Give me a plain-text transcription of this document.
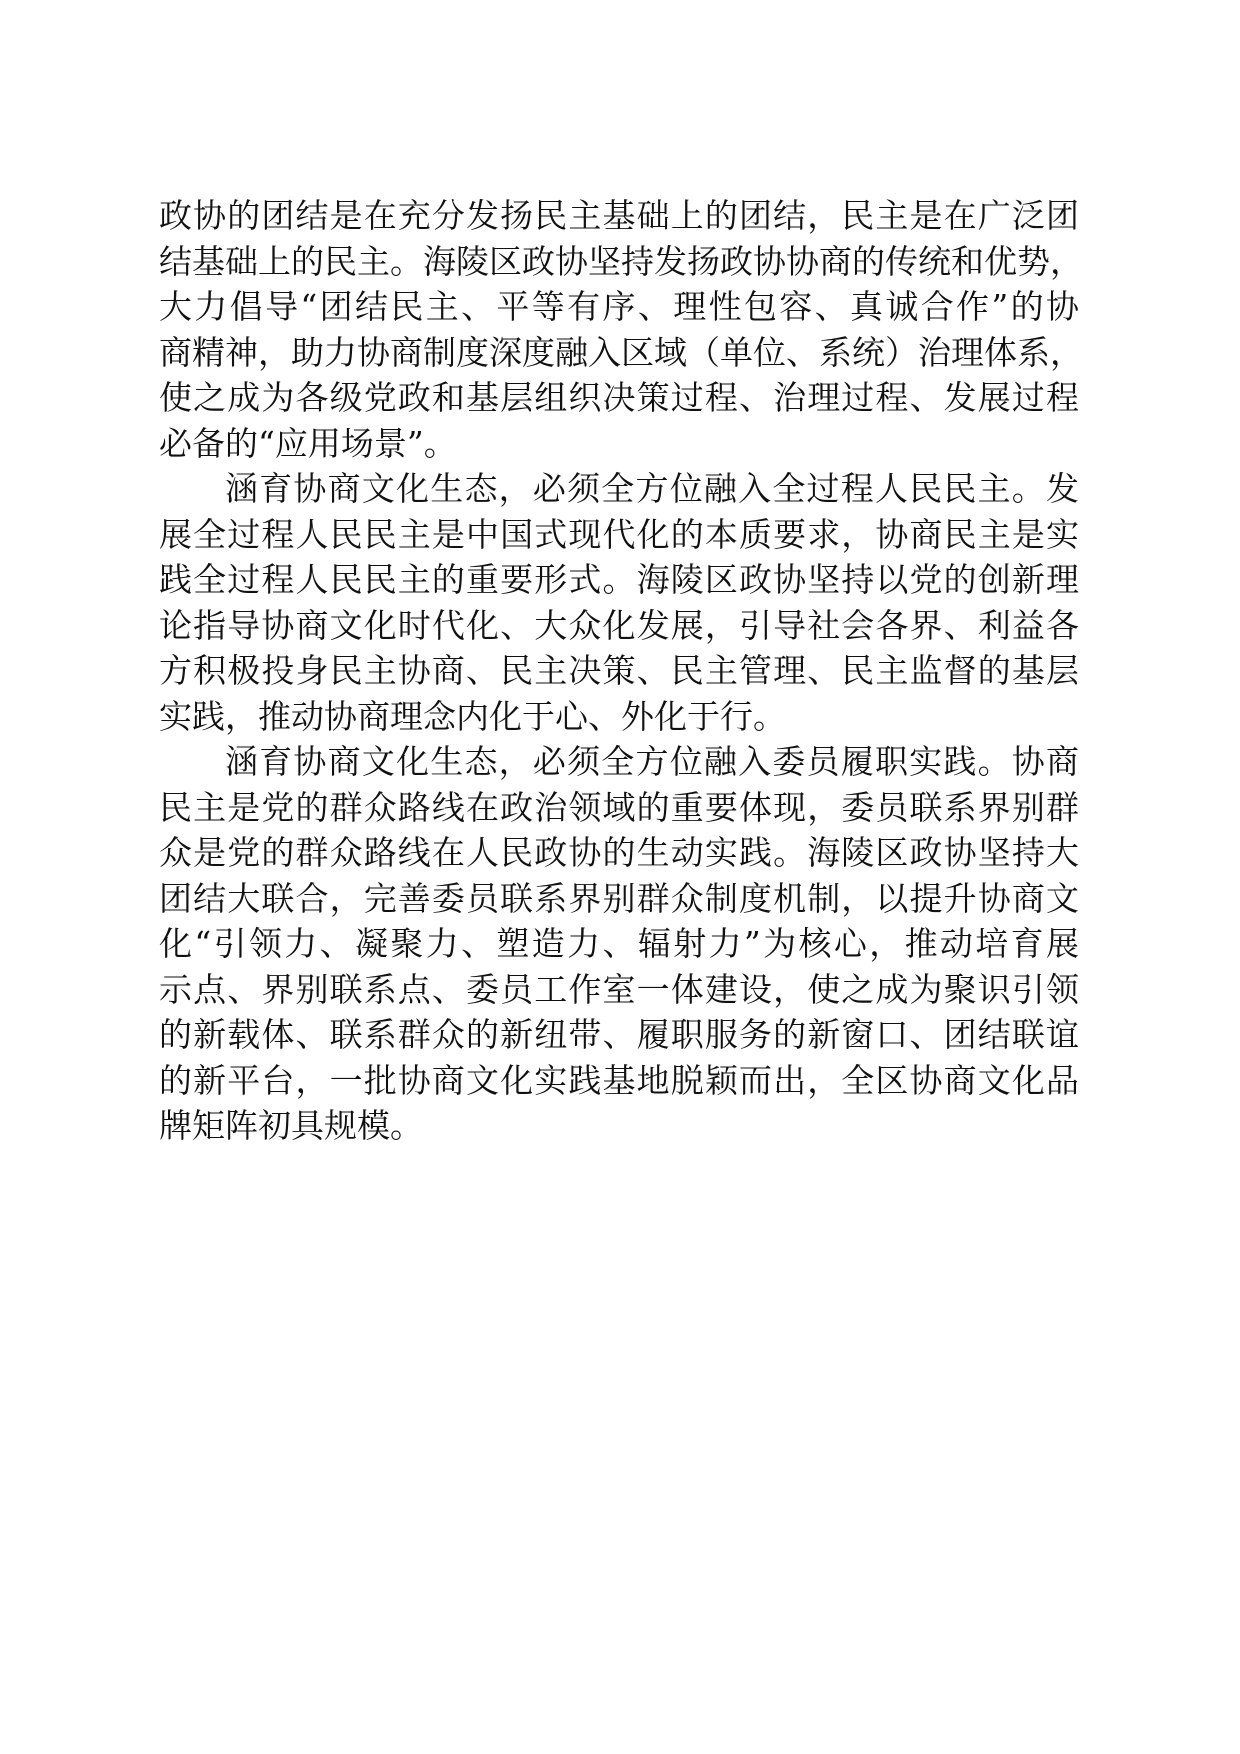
政协的团结是在充分发扬民主基础上的团结，民主是在广泛团
结基础上的民主。海陵区政协坚持发扬政协协商的传统和优势，
大力倡导“团结民主、平等有序、理性包容、真诚合作”的协
商精神，助力协商制度深度融入区域（单位、系统）治理体系，
使之成为各级党政和基层组织决策过程、治理过程、发展过程
必备的“应用场景”。
涵育协商文化生态，必须全方位融入全过程人民民主。发
展全过程人民民主是中国式现代化的本质要求，协商民主是实
践全过程人民民主的重要形式。海陵区政协坚持以党的创新理
论指导协商文化时代化、大众化发展，引导社会各界、利益各
方积极投身民主协商、民主决策、民主管理、民主监督的基层
实践，推动协商理念内化于心、外化于行。
涵育协商文化生态，必须全方位融入委员履职实践。协商
民主是党的群众路线在政治领域的重要体现，委员联系界别群
众是党的群众路线在人民政协的生动实践。海陵区政协坚持大
团结大联合，完善委员联系界别群众制度机制，以提升协商文
化“引领力、凝聚力、塑造力、辐射力”为核心，推动培育展
示点、界别联系点、委员工作室一体建设，使之成为聚识引领
的新载体、联系群众的新纽带、履职服务的新窗口、团结联谊
的新平台，一批协商文化实践基地脱颖而出，全区协商文化品
牌矩阵初具规模。
